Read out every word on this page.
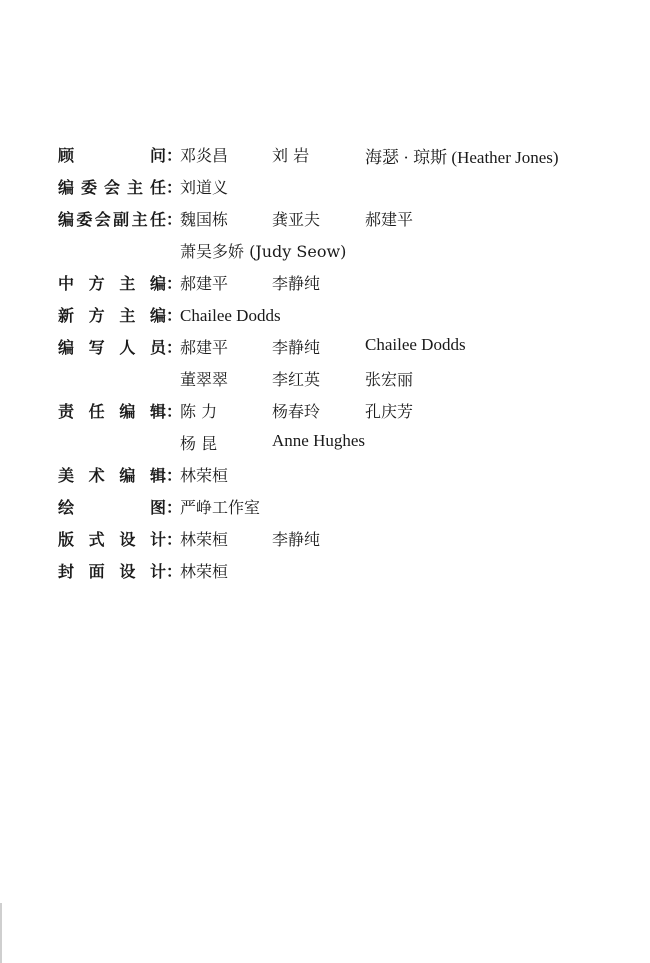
顾	问 ：
邓炎昌	刘 岩	海瑟 · 琼斯 (Heather Jones)
编 委 会 主 任 ：
刘道义
编 委 会 副 主 任 ：
魏国栋	龚亚夫	郝建平
萧吴多娇 (Judy Seow)
中 方 主 编 ：
郝建平	李静纯
新 方 主 编 ：
Chailee Dodds
编 写 人 员 ：
郝建平	李静纯	Chailee Dodds
董翠翠	李红英	张宏丽
责 任 编 辑 ：
陈 力	杨春玲	孔庆芳
杨 昆	Anne Hughes
美 术 编 辑 ：
林荣桓
绘	图 ：
严峥工作室
版 式 设 计 ：
林荣桓	李静纯
封 面 设 计 ：
林荣桓
